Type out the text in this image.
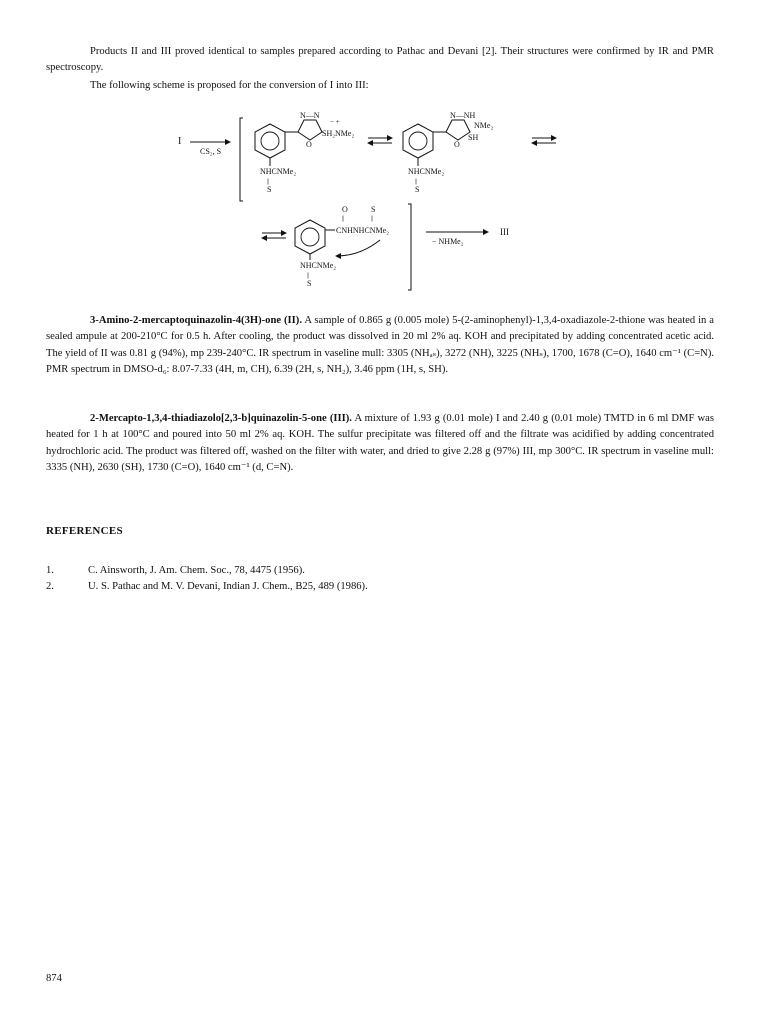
Products II and III proved identical to samples prepared according to Pathac and Devani [2]. Their structures were confirmed by IR and PMR spectroscopy.
The following scheme is proposed for the conversion of I into III:
I
CS₂, S
N—N
O
− +
SH₂NMe₂
NHCNMe₂
||
S
N—NH
NMe₂
SH
O
NHCNMe₂
||
S
O
||
S
||
CNHNHCNMe₂
NHCNMe₂
||
S
− NHMe₂
III
3-Amino-2-mercaptoquinazolin-4(3H)-one (II). A sample of 0.865 g (0.005 mole) 5-(2-aminophenyl)-1,3,4-oxadiazole-2-thione was heated in a sealed ampule at 200-210°C for 0.5 h. After cooling, the product was dissolved in 20 ml 2% aq. KOH and precipitated by adding concentrated acetic acid. The yield of II was 0.81 g (94%), mp 239-240°C. IR spectrum in vaseline mull: 3305 (NHₐₛ), 3272 (NH), 3225 (NHₛ), 1700, 1678 (C=O), 1640 cm⁻¹ (C=N). PMR spectrum in DMSO-d₆: 8.07-7.33 (4H, m, CH), 6.39 (2H, s, NH₂), 3.46 ppm (1H, s, SH).
2-Mercapto-1,3,4-thiadiazolo[2,3-b]quinazolin-5-one (III). A mixture of 1.93 g (0.01 mole) I and 2.40 g (0.01 mole) TMTD in 6 ml DMF was heated for 1 h at 100°C and poured into 50 ml 2% aq. KOH. The sulfur precipitate was filtered off and the filtrate was acidified by adding concentrated hydrochloric acid. The product was filtered off, washed on the filter with water, and dried to give 2.28 g (97%) III, mp 300°C. IR spectrum in vaseline mull: 3335 (NH), 2630 (SH), 1730 (C=O), 1640 cm⁻¹ (d, C=N).
REFERENCES
1.	C. Ainsworth, J. Am. Chem. Soc., 78, 4475 (1956).
2.	U. S. Pathac and M. V. Devani, Indian J. Chem., B25, 489 (1986).
874
